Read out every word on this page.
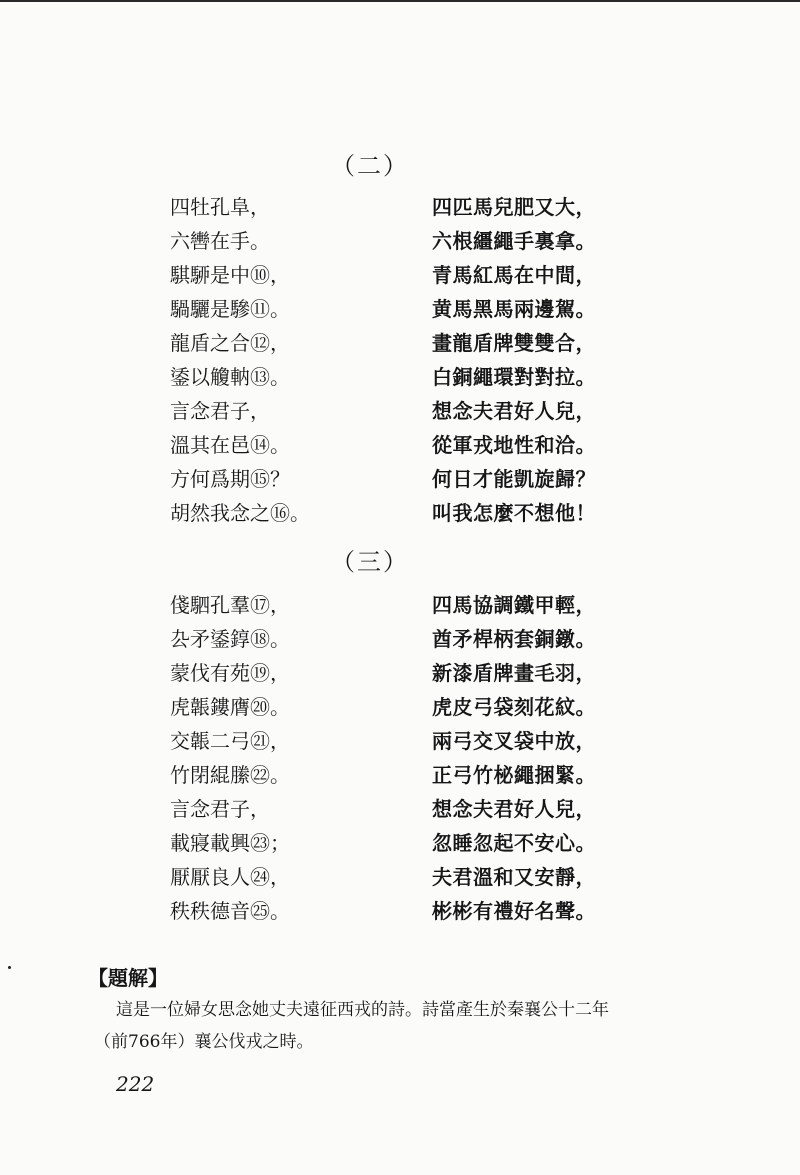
（二）
四牡孔阜，	四匹馬兒肥又大，
六轡在手。	六根繮繩手裏拿。
騏駵是中⑩，	青馬紅馬在中間，
騧驪是驂⑪。	黄馬黑馬兩邊駕。
龍盾之合⑫，	畫龍盾牌雙雙合，
鋈以觼軜⑬。	白銅繩環對對拉。
言念君子，	想念夫君好人兒，
溫其在邑⑭。	從軍戎地性和洽。
方何爲期⑮？	何日才能凱旋歸？
胡然我念之⑯。	叫我怎麼不想他！
（三）
俴駟孔羣⑰，	四馬協調鐵甲輕，
厹矛鋈錞⑱。	酋矛桿柄套銅鐓。
蒙伐有苑⑲，	新漆盾牌畫毛羽，
虎韔鏤膺⑳。	虎皮弓袋刻花紋。
交韔二弓㉑，	兩弓交叉袋中放，
竹閉緄縢㉒。	正弓竹柲繩捆緊。
言念君子，	想念夫君好人兒，
載寢載興㉓；	忽睡忽起不安心。
厭厭良人㉔，	夫君溫和又安靜，
秩秩德音㉕。	彬彬有禮好名聲。
【題解】
這是一位婦女思念她丈夫遠征西戎的詩。詩當產生於秦襄公十二年
（前766年）襄公伐戎之時。
222
